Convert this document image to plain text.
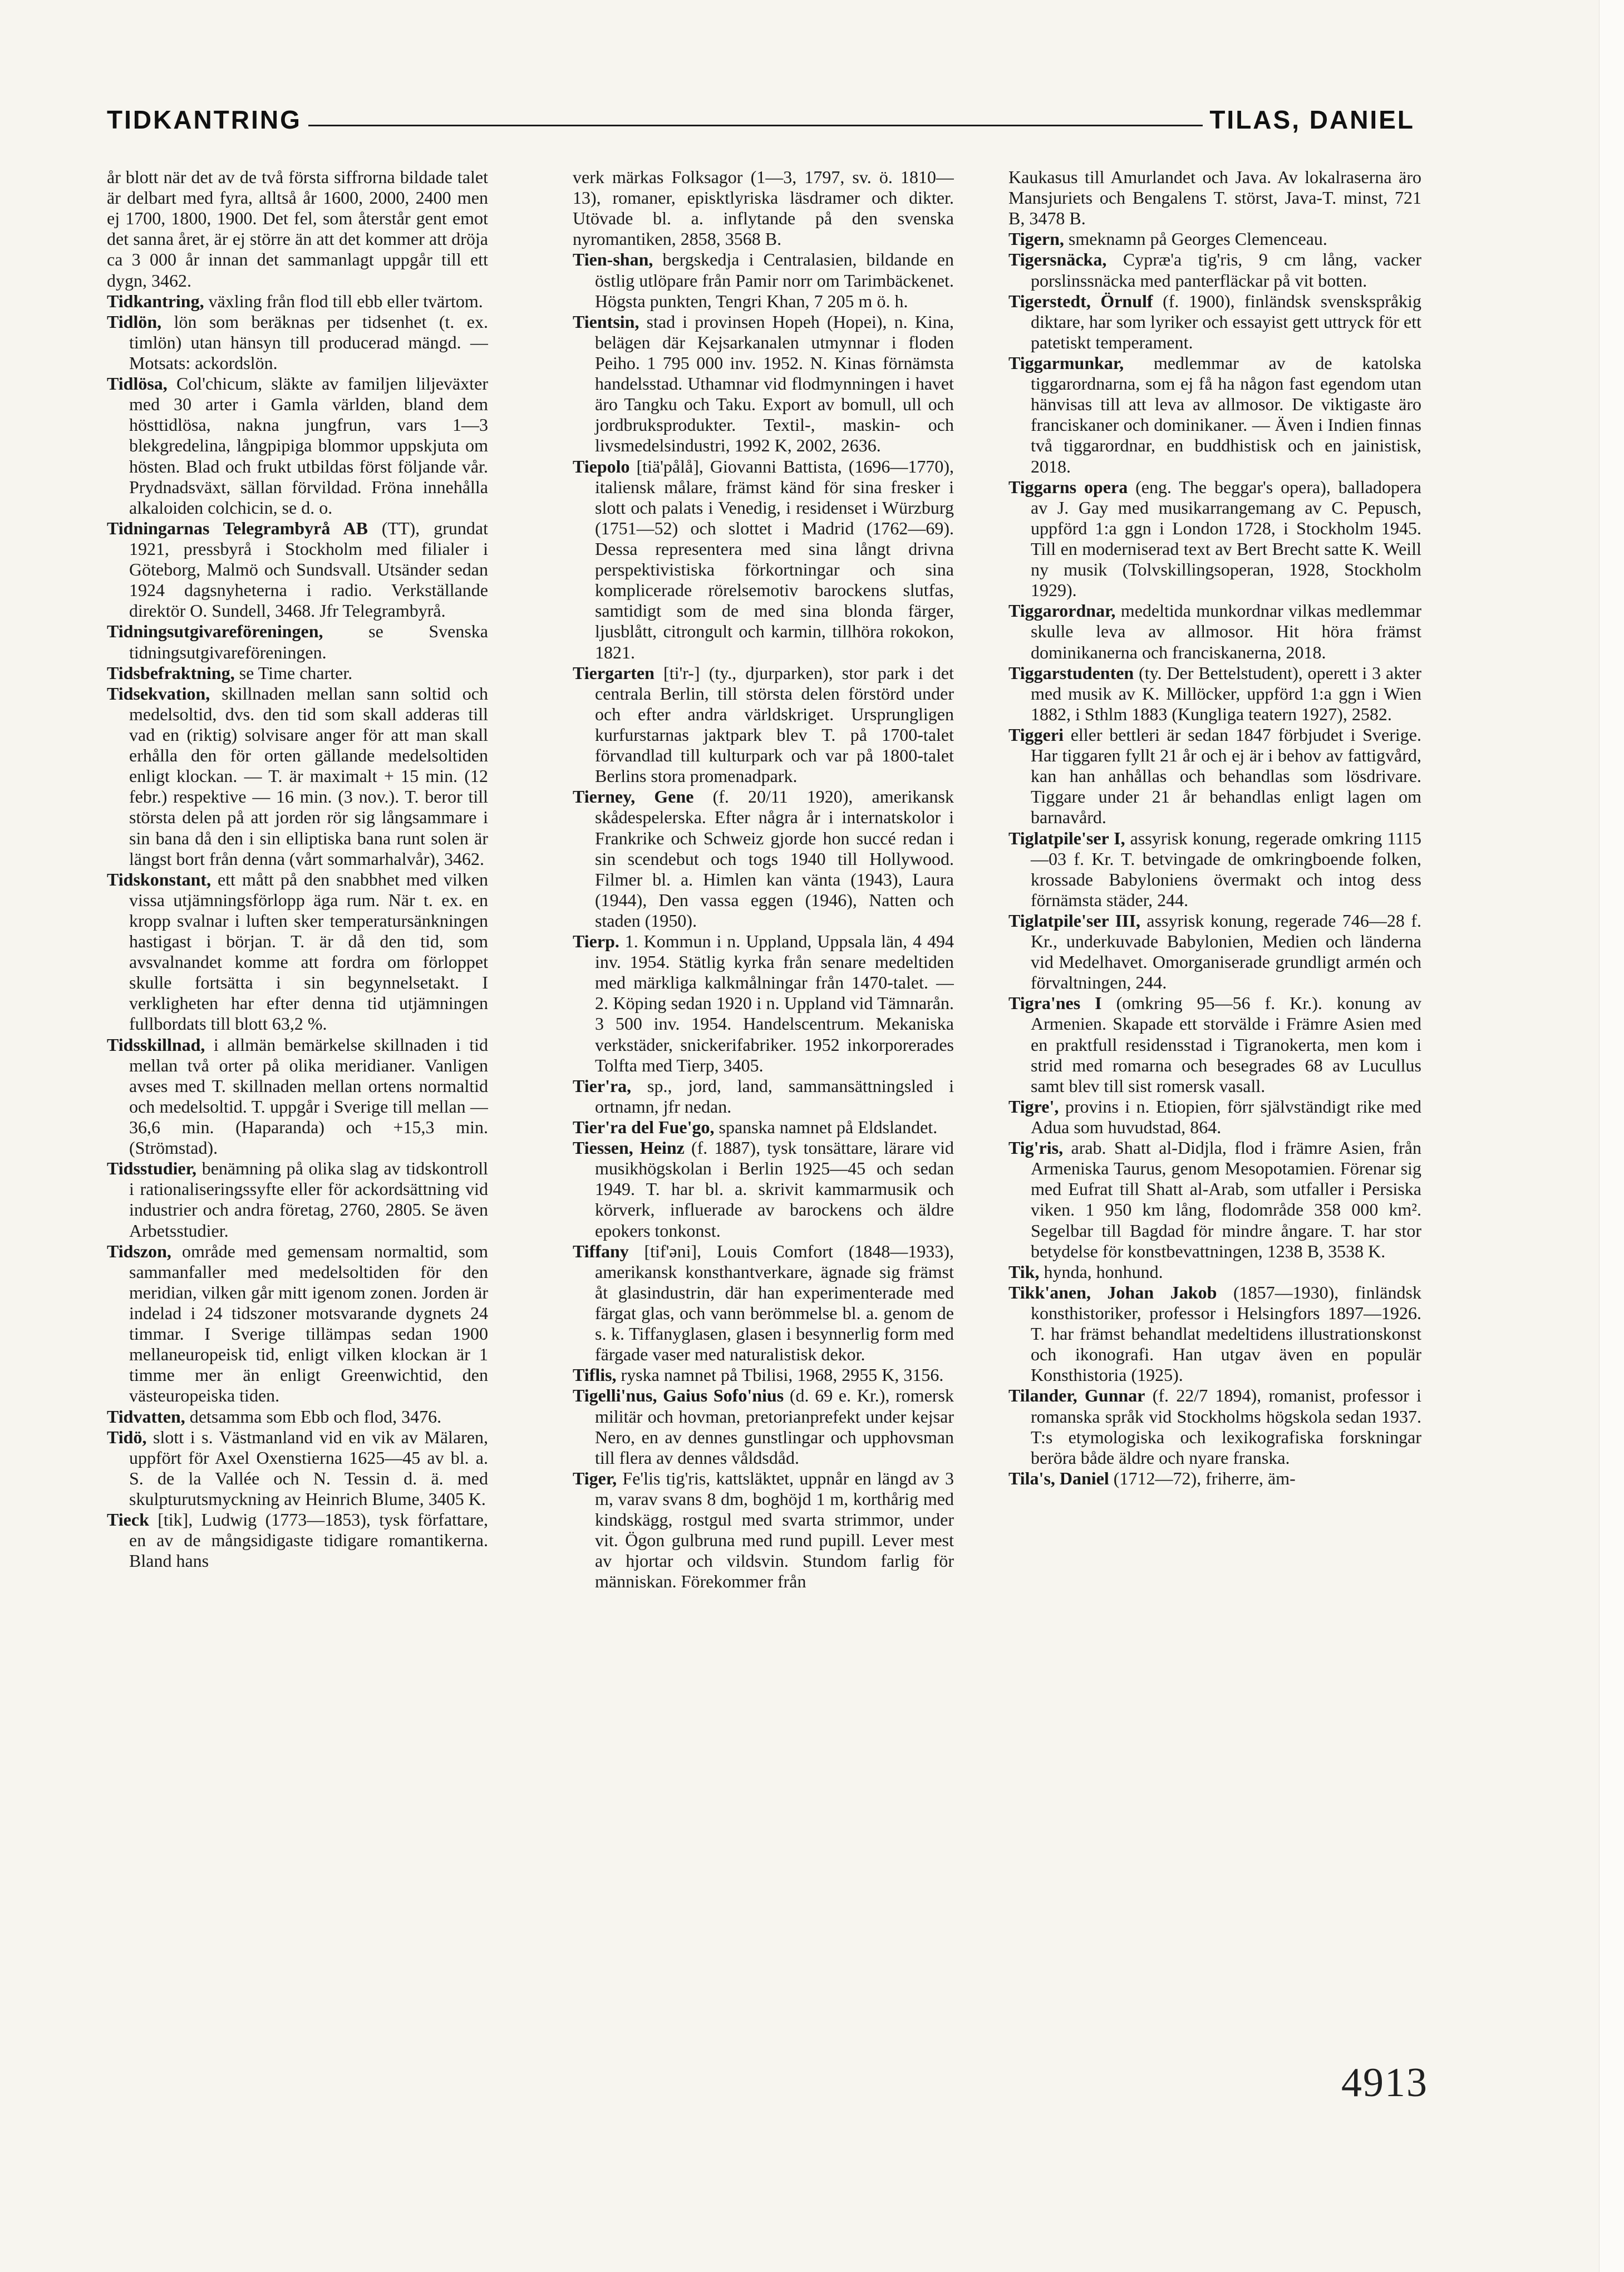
TIDKANTRING	TILAS, DANIEL

år blott när det av de två första siffrorna bildade talet är delbart med fyra, alltså år 1600, 2000, 2400 men ej 1700, 1800, 1900. Det fel, som återstår gent emot det sanna året, är ej större än att det kommer att dröja ca 3 000 år innan det sammanlagt uppgår till ett dygn, 3462.

Tidkantring, växling från flod till ebb eller tvärtom.

Tidlön, lön som beräknas per tidsenhet (t. ex. timlön) utan hänsyn till producerad mängd. — Motsats: ackordslön.

Tidlösa, Col'chicum, släkte av familjen liljeväxter med 30 arter i Gamla världen, bland dem hösttidlösa, nakna jungfrun, vars 1—3 blekgredelina, långpipiga blommor uppskjuta om hösten. Blad och frukt utbildas först följande vår. Prydnadsväxt, sällan förvildad. Fröna innehålla alkaloiden colchicin, se d. o.

Tidningarnas Telegrambyrå AB (TT), grundat 1921, pressbyrå i Stockholm med filialer i Göteborg, Malmö och Sundsvall. Utsänder sedan 1924 dagsnyheterna i radio. Verkställande direktör O. Sundell, 3468. Jfr Telegrambyrå.

Tidningsutgivareföreningen, se Svenska tidningsutgivareföreningen.

Tidsbefraktning, se Time charter.

Tidsekvation, skillnaden mellan sann soltid och medelsoltid, dvs. den tid som skall adderas till vad en (riktig) solvisare anger för att man skall erhålla den för orten gällande medelsoltiden enligt klockan. — T. är maximalt + 15 min. (12 febr.) respektive — 16 min. (3 nov.). T. beror till största delen på att jorden rör sig långsammare i sin bana då den i sin elliptiska bana runt solen är längst bort från denna (vårt sommarhalvår), 3462.

Tidskonstant, ett mått på den snabbhet med vilken vissa utjämningsförlopp äga rum. När t. ex. en kropp svalnar i luften sker temperatursänkningen hastigast i början. T. är då den tid, som avsvalnandet komme att fordra om förloppet skulle fortsätta i sin begynnelsetakt. I verkligheten har efter denna tid utjämningen fullbordats till blott 63,2 %.

Tidsskillnad, i allmän bemärkelse skillnaden i tid mellan två orter på olika meridianer. Vanligen avses med T. skillnaden mellan ortens normaltid och medelsoltid. T. uppgår i Sverige till mellan —36,6 min. (Haparanda) och +15,3 min. (Strömstad).

Tidsstudier, benämning på olika slag av tidskontroll i rationaliseringssyfte eller för ackordsättning vid industrier och andra företag, 2760, 2805. Se även Arbetsstudier.

Tidszon, område med gemensam normaltid, som sammanfaller med medelsoltiden för den meridian, vilken går mitt igenom zonen. Jorden är indelad i 24 tidszoner motsvarande dygnets 24 timmar. I Sverige tillämpas sedan 1900 mellaneuropeisk tid, enligt vilken klockan är 1 timme mer än enligt Greenwichtid, den västeuropeiska tiden.

Tidvatten, detsamma som Ebb och flod, 3476.

Tidö, slott i s. Västmanland vid en vik av Mälaren, uppfört för Axel Oxenstierna 1625—45 av bl. a. S. de la Vallée och N. Tessin d. ä. med skulpturutsmyckning av Heinrich Blume, 3405 K.

Tieck [tik], Ludwig (1773—1853), tysk författare, en av de mångsidigaste tidigare romantikerna. Bland hans

verk märkas Folksagor (1—3, 1797, sv. ö. 1810—13), romaner, episktlyriska läsdramer och dikter. Utövade bl. a. inflytande på den svenska nyromantiken, 2858, 3568 B.

Tien-shan, bergskedja i Centralasien, bildande en östlig utlöpare från Pamir norr om Tarimbäckenet. Högsta punkten, Tengri Khan, 7 205 m ö. h.

Tientsin, stad i provinsen Hopeh (Hopei), n. Kina, belägen där Kejsarkanalen utmynnar i floden Peiho. 1 795 000 inv. 1952. N. Kinas förnämsta handelsstad. Uthamnar vid flodmynningen i havet äro Tangku och Taku. Export av bomull, ull och jordbruksprodukter. Textil-, maskin- och livsmedelsindustri, 1992 K, 2002, 2636.

Tiepolo [tiä'pålå], Giovanni Battista, (1696—1770), italiensk målare, främst känd för sina fresker i slott och palats i Venedig, i residenset i Würzburg (1751—52) och slottet i Madrid (1762—69). Dessa representera med sina långt drivna perspektivistiska förkortningar och sina komplicerade rörelsemotiv barockens slutfas, samtidigt som de med sina blonda färger, ljusblått, citrongult och karmin, tillhöra rokokon, 1821.

Tiergarten [ti'r-] (ty., djurparken), stor park i det centrala Berlin, till största delen förstörd under och efter andra världskriget. Ursprungligen kurfurstarnas jaktpark blev T. på 1700-talet förvandlad till kulturpark och var på 1800-talet Berlins stora promenadpark.

Tierney, Gene (f. 20/11 1920), amerikansk skådespelerska. Efter några år i internatskolor i Frankrike och Schweiz gjorde hon succé redan i sin scendebut och togs 1940 till Hollywood. Filmer bl. a. Himlen kan vänta (1943), Laura (1944), Den vassa eggen (1946), Natten och staden (1950).

Tierp. 1. Kommun i n. Uppland, Uppsala län, 4 494 inv. 1954. Stätlig kyrka från senare medeltiden med märkliga kalkmålningar från 1470-talet. — 2. Köping sedan 1920 i n. Uppland vid Tämnarån. 3 500 inv. 1954. Handelscentrum. Mekaniska verkstäder, snickerifabriker. 1952 inkorporerades Tolfta med Tierp, 3405.

Tier'ra, sp., jord, land, sammansättningsled i ortnamn, jfr nedan.

Tier'ra del Fue'go, spanska namnet på Eldslandet.

Tiessen, Heinz (f. 1887), tysk tonsättare, lärare vid musikhögskolan i Berlin 1925—45 och sedan 1949. T. har bl. a. skrivit kammarmusik och körverk, influerade av barockens och äldre epokers tonkonst.

Tiffany [tif'əni], Louis Comfort (1848—1933), amerikansk konsthantverkare, ägnade sig främst åt glasindustrin, där han experimenterade med färgat glas, och vann berömmelse bl. a. genom de s. k. Tiffanyglasen, glasen i besynnerlig form med färgade vaser med naturalistisk dekor.

Tiflis, ryska namnet på Tbilisi, 1968, 2955 K, 3156.

Tigelli'nus, Gaius Sofo'nius (d. 69 e. Kr.), romersk militär och hovman, pretorianprefekt under kejsar Nero, en av dennes gunstlingar och upphovsman till flera av dennes våldsdåd.

Tiger, Fe'lis tig'ris, kattsläktet, uppnår en längd av 3 m, varav svans 8 dm, boghöjd 1 m, korthårig med kindskägg, rostgul med svarta strimmor, under vit. Ögon gulbruna med rund pupill. Lever mest av hjortar och vildsvin. Stundom farlig för människan. Förekommer från

Kaukasus till Amurlandet och Java. Av lokalraserna äro Mansjuriets och Bengalens T. störst, Java-T. minst, 721 B, 3478 B.

Tigern, smeknamn på Georges Clemenceau.

Tigersnäcka, Cypræ'a tig'ris, 9 cm lång, vacker porslinssnäcka med panterfläckar på vit botten.

Tigerstedt, Örnulf (f. 1900), finländsk svenskspråkig diktare, har som lyriker och essayist gett uttryck för ett patetiskt temperament.

Tiggarmunkar, medlemmar av de katolska tiggarordnarna, som ej få ha någon fast egendom utan hänvisas till att leva av allmosor. De viktigaste äro franciskaner och dominikaner. — Även i Indien finnas två tiggarordnar, en buddhistisk och en jainistisk, 2018.

Tiggarns opera (eng. The beggar's opera), balladopera av J. Gay med musikarrangemang av C. Pepusch, uppförd 1:a ggn i London 1728, i Stockholm 1945. Till en moderniserad text av Bert Brecht satte K. Weill ny musik (Tolvskillingsoperan, 1928, Stockholm 1929).

Tiggarordnar, medeltida munkordnar vilkas medlemmar skulle leva av allmosor. Hit höra främst dominikanerna och franciskanerna, 2018.

Tiggarstudenten (ty. Der Bettelstudent), operett i 3 akter med musik av K. Millöcker, uppförd 1:a ggn i Wien 1882, i Sthlm 1883 (Kungliga teatern 1927), 2582.

Tiggeri eller bettleri är sedan 1847 förbjudet i Sverige. Har tiggaren fyllt 21 år och ej är i behov av fattigvård, kan han anhållas och behandlas som lösdrivare. Tiggare under 21 år behandlas enligt lagen om barnavård.

Tiglatpile'ser I, assyrisk konung, regerade omkring 1115—03 f. Kr. T. betvingade de omkringboende folken, krossade Babyloniens övermakt och intog dess förnämsta städer, 244.

Tiglatpile'ser III, assyrisk konung, regerade 746—28 f. Kr., underkuvade Babylonien, Medien och länderna vid Medelhavet. Omorganiserade grundligt armén och förvaltningen, 244.

Tigra'nes I (omkring 95—56 f. Kr.). konung av Armenien. Skapade ett storvälde i Främre Asien med en praktfull residensstad i Tigranokerta, men kom i strid med romarna och besegrades 68 av Lucullus samt blev till sist romersk vasall.

Tigre', provins i n. Etiopien, förr självständigt rike med Adua som huvudstad, 864.

Tig'ris, arab. Shatt al-Didjla, flod i främre Asien, från Armeniska Taurus, genom Mesopotamien. Förenar sig med Eufrat till Shatt al-Arab, som utfaller i Persiska viken. 1 950 km lång, flodområde 358 000 km². Segelbar till Bagdad för mindre ångare. T. har stor betydelse för konstbevattningen, 1238 B, 3538 K.

Tik, hynda, honhund.

Tikk'anen, Johan Jakob (1857—1930), finländsk konsthistoriker, professor i Helsingfors 1897—1926. T. har främst behandlat medeltidens illustrationskonst och ikonografi. Han utgav även en populär Konsthistoria (1925).

Tilander, Gunnar (f. 22/7 1894), romanist, professor i romanska språk vid Stockholms högskola sedan 1937. T:s etymologiska och lexikografiska forskningar beröra både äldre och nyare franska.

Tila's, Daniel (1712—72), friherre, äm-

4913
